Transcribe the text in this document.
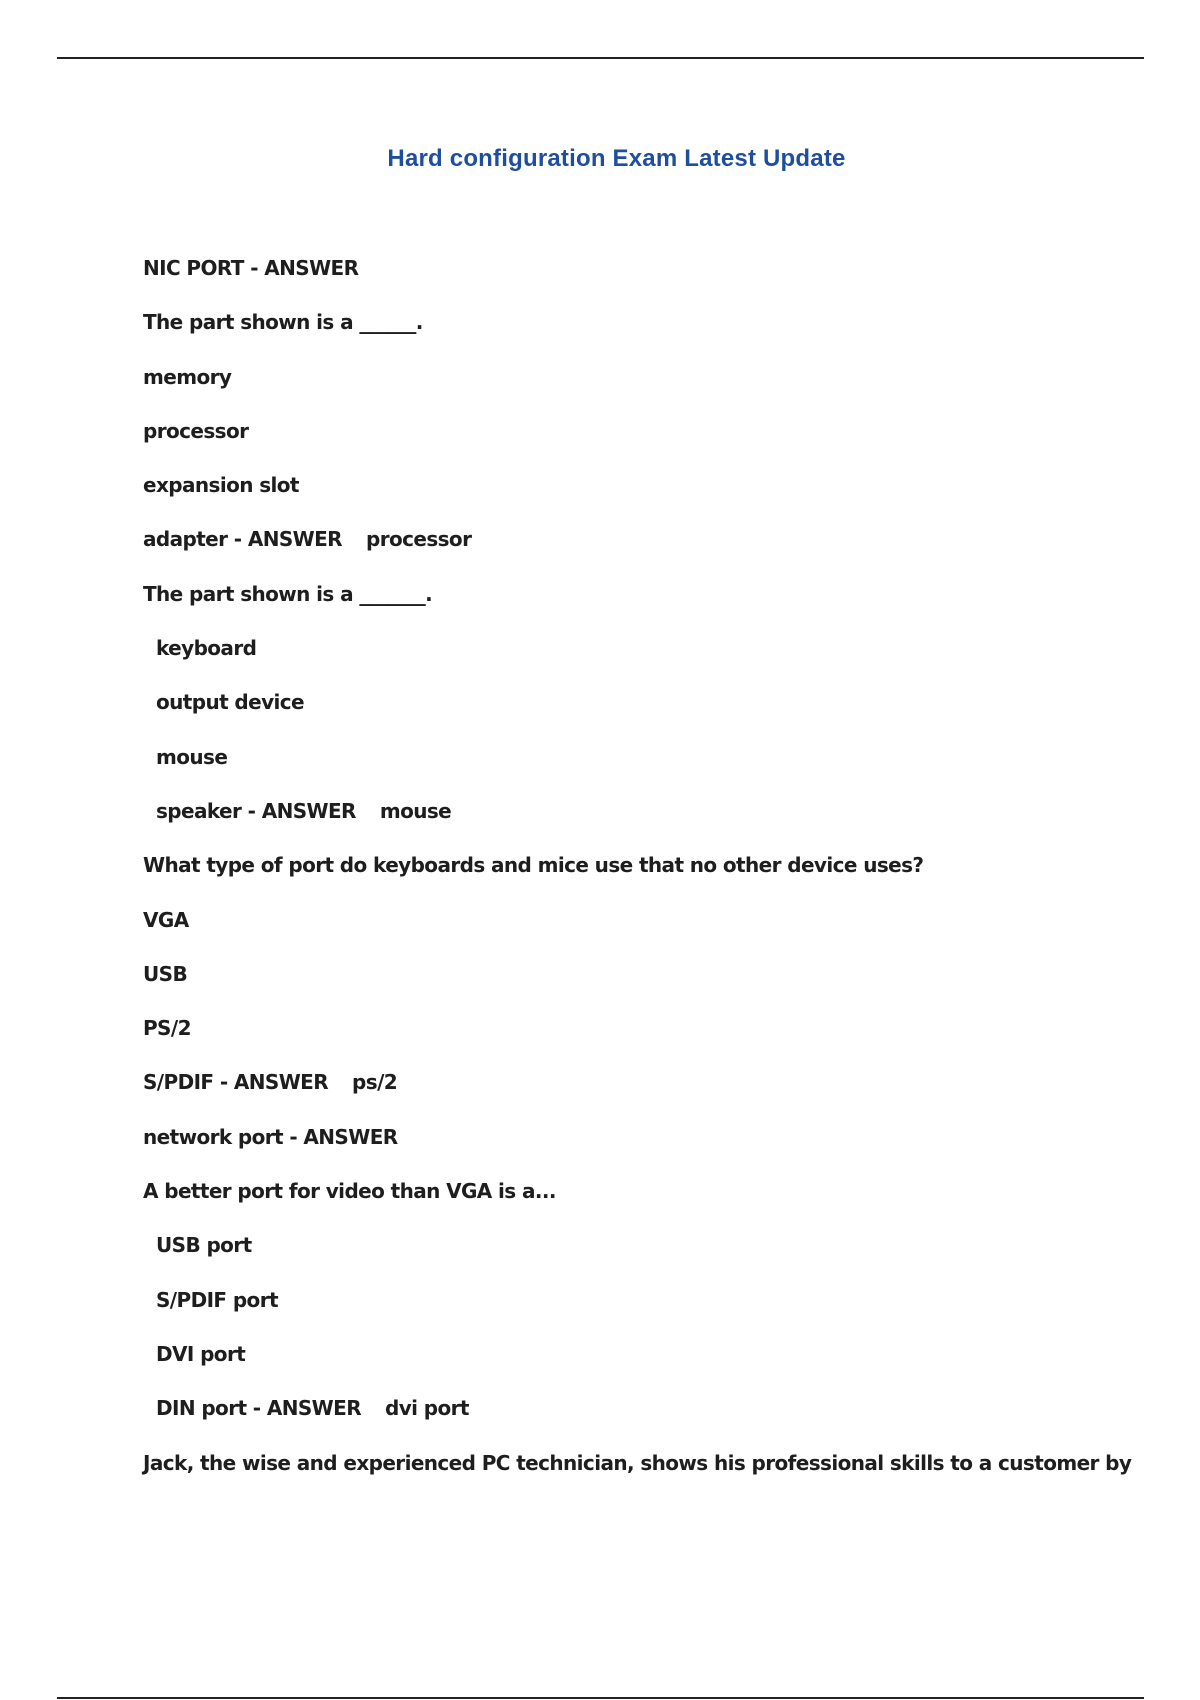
Hard configuration Exam Latest Update
NIC PORT - ANSWER
The part shown is a ______.
memory
processor
expansion slot
adapter - ANSWER processor
The part shown is a _______.
keyboard
output device
mouse
speaker - ANSWER mouse
What type of port do keyboards and mice use that no other device uses?
VGA
USB
PS/2
S/PDIF - ANSWER ps/2
network port - ANSWER
A better port for video than VGA is a...
USB port
S/PDIF port
DVI port
DIN port - ANSWER dvi port
Jack, the wise and experienced PC technician, shows his professional skills to a customer by
